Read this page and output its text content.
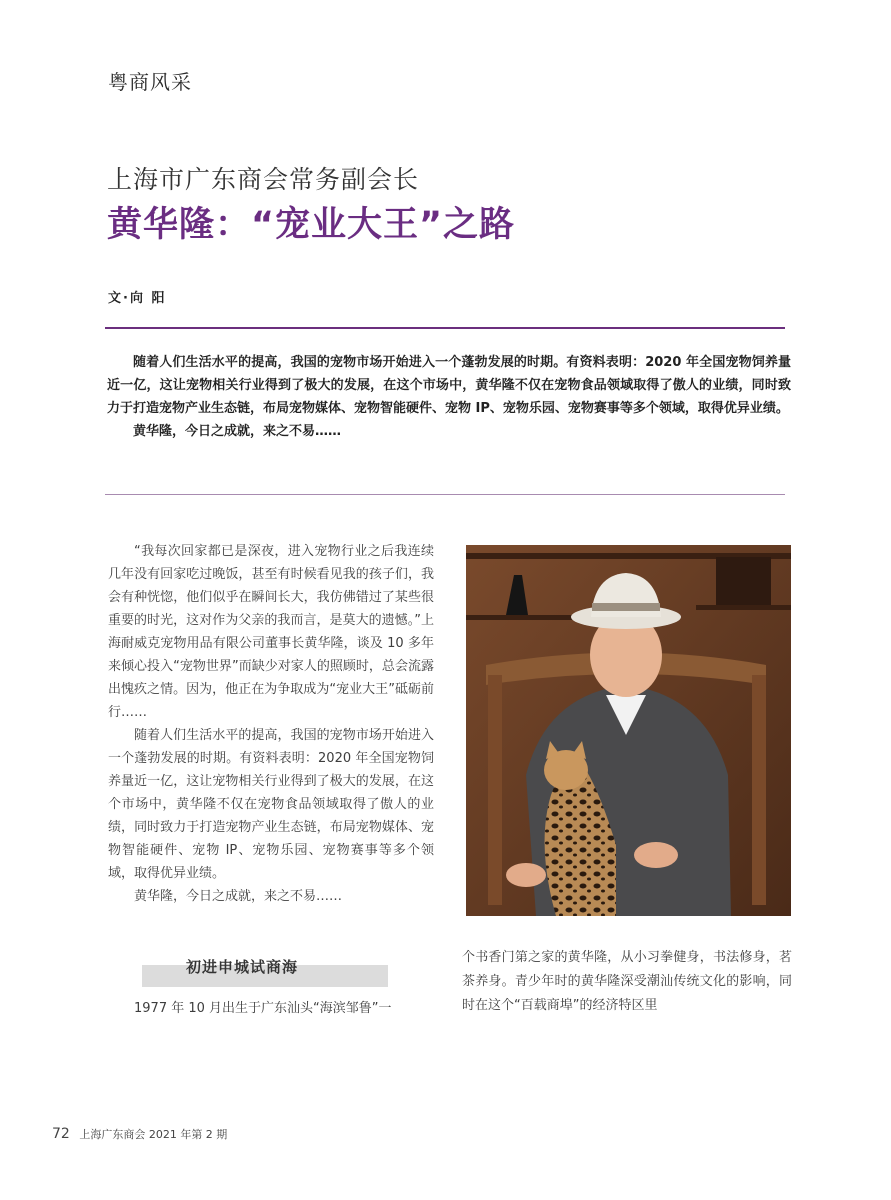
粤商风采
上海市广东商会常务副会长
黄华隆：“宠业大王”之路
文·向 阳

随着人们生活水平的提高，我国的宠物市场开始进入一个蓬勃发展的时期。有资料表明：2020 年全国宠物饲养量近一亿，这让宠物相关行业得到了极大的发展，在这个市场中，黄华隆不仅在宠物食品领域取得了傲人的业绩，同时致力于打造宠物产业生态链，布局宠物媒体、宠物智能硬件、宠物 IP、宠物乐园、宠物赛事等多个领域，取得优异业绩。

黄华隆，今日之成就，来之不易……

“我每次回家都已是深夜，进入宠物行业之后我连续几年没有回家吃过晚饭，甚至有时候看见我的孩子们，我会有种恍惚，他们似乎在瞬间长大，我仿佛错过了某些很重要的时光，这对作为父亲的我而言，是莫大的遗憾。”上海耐威克宠物用品有限公司董事长黄华隆，谈及 10 多年来倾心投入“宠物世界”而缺少对家人的照顾时，总会流露出愧疚之情。因为，他正在为争取成为“宠业大王”砥砺前行……

随着人们生活水平的提高，我国的宠物市场开始进入一个蓬勃发展的时期。有资料表明：2020 年全国宠物饲养量近一亿，这让宠物相关行业得到了极大的发展，在这个市场中，黄华隆不仅在宠物食品领域取得了傲人的业绩，同时致力于打造宠物产业生态链，布局宠物媒体、宠物智能硬件、宠物 IP、宠物乐园、宠物赛事等多个领域，取得优异业绩。

黄华隆，今日之成就，来之不易……

初进申城试商海

1977 年 10 月出生于广东汕头“海滨邹鲁”一

个书香门第之家的黄华隆，从小习拳健身，书法修身，茗茶养身。青少年时的黄华隆深受潮汕传统文化的影响，同时在这个“百载商埠”的经济特区里

72 上海广东商会 2021 年第 2 期
